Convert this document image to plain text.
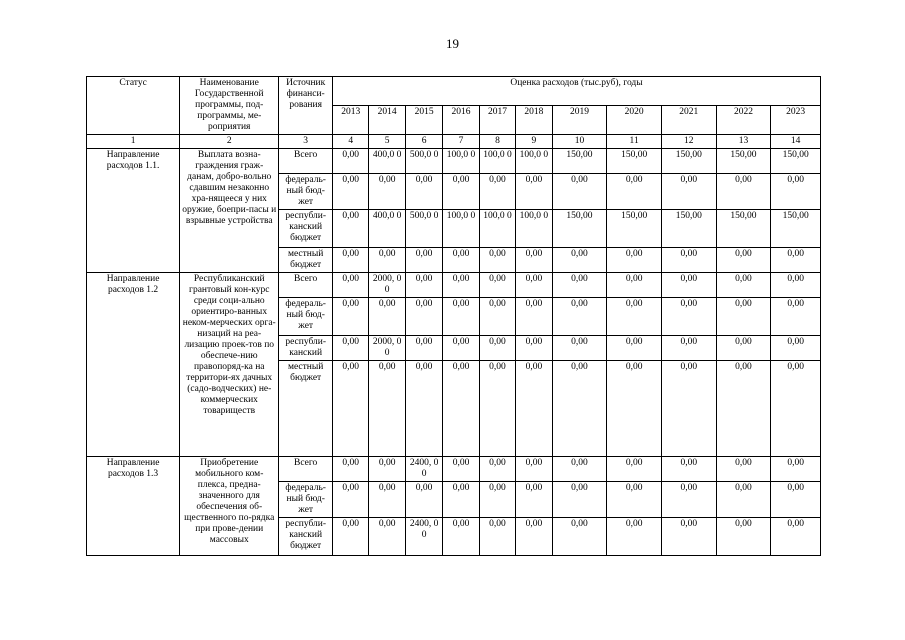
19
Статус	Наименование Государственной программы, под-программы, ме-роприятия	Источник финанси-рования	Оценка расходов (тыс.руб), годы										
			2013	2014	2015	2016	2017	2018	2019	2020	2021	2022	2023
1	2	3	4	5	6	7	8	9	10	11	12	13	14
Направление расходов 1.1.	Выплата возна-граждения граж-данам, добро-вольно сдавшим незаконно хра-нящееся у них оружие, боепри-пасы и взрывные устройства	Всего	0,00	400,0 0	500,0 0	100,0 0	100,0 0	100,0 0	150,00	150,00	150,00	150,00	150,00
		федераль-ный бюд-жет	0,00	0,00	0,00	0,00	0,00	0,00	0,00	0,00	0,00	0,00	0,00
		республи-канский бюджет	0,00	400,0 0	500,0 0	100,0 0	100,0 0	100,0 0	150,00	150,00	150,00	150,00	150,00
		местный бюджет	0,00	0,00	0,00	0,00	0,00	0,00	0,00	0,00	0,00	0,00	0,00
Направление расходов 1.2	Республиканский грантовый кон-курс среди соци-ально ориентиро-ванных неком-мерческих орга-низаций на реа-лизацию проек-тов по обеспече-нию правопоряд-ка на территори-ях дачных (садо-водческих) не-коммерческих товариществ	Всего	0,00	2000, 00	0,00	0,00	0,00	0,00	0,00	0,00	0,00	0,00	0,00
		федераль-ный бюд-жет	0,00	0,00	0,00	0,00	0,00	0,00	0,00	0,00	0,00	0,00	0,00
		республи-канский	0,00	2000, 00	0,00	0,00	0,00	0,00	0,00	0,00	0,00	0,00	0,00
		местный бюджет	0,00	0,00	0,00	0,00	0,00	0,00	0,00	0,00	0,00	0,00	0,00
Направление расходов 1.3	Приобретение мобильного ком-плекса, предна-значенного для обеспечения об-щественного по-рядка при прове-дении массовых	Всего	0,00	0,00	2400, 00	0,00	0,00	0,00	0,00	0,00	0,00	0,00	0,00
		федераль-ный бюд-жет	0,00	0,00	0,00	0,00	0,00	0,00	0,00	0,00	0,00	0,00	0,00
		республи-канский бюджет	0,00	0,00	2400, 00	0,00	0,00	0,00	0,00	0,00	0,00	0,00	0,00
